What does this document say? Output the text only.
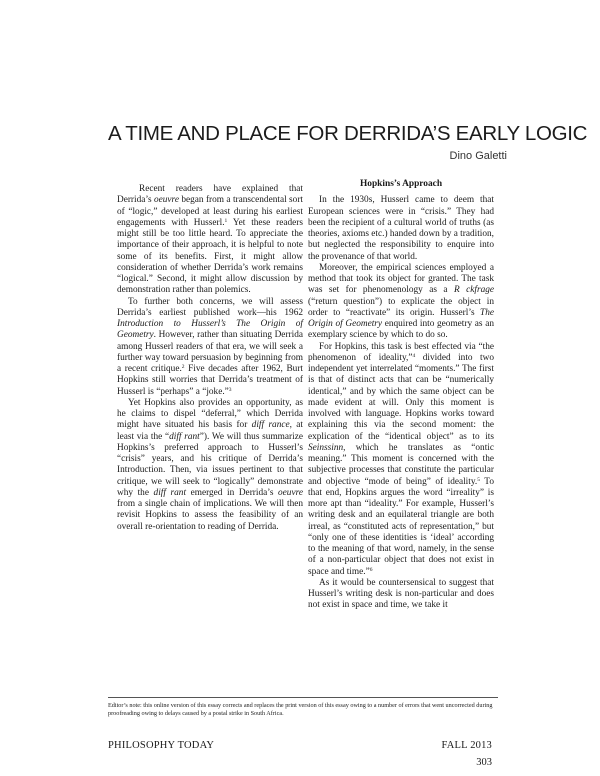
A TIME AND PLACE FOR DERRIDA’S EARLY LOGIC
Dino Galetti

Recent readers have explained that Derrida’s oeuvre began from a transcendental sort of “logic,” developed at least during his earliest engagements with Husserl.$^1$ Yet these readers might still be too little heard. To appreciate the importance of their approach, it is helpful to note some of its benefits. First, it might allow consideration of whether Derrida’s work remains “logical.” Second, it might allow discussion by demonstration rather than polemics.

To further both concerns, we will assess Derrida’s earliest published work—his 1962 Introduction to Husserl’s The Origin of Geometry. However, rather than situating Derrida among Husserl readers of that era, we will seek a further way toward persuasion by beginning from a recent critique.$^2$ Five decades after 1962, Burt Hopkins still worries that Derrida’s treatment of Husserl is “perhaps” a “joke.”$^3$

Yet Hopkins also provides an opportunity, as he claims to dispel “deferral,” which Derrida might have situated his basis for diff rance, at least via the “diff rant”). We will thus summarize Hopkins’s preferred approach to Husserl’s “crisis” years, and his critique of Derrida’s Introduction. Then, via issues pertinent to that critique, we will seek to “logically” demonstrate why the diff rant emerged in Derrida’s oeuvre from a single chain of implications. We will then revisit Hopkins to assess the feasibility of an overall re-orientation to reading of Derrida.

Hopkins’s Approach

In the 1930s, Husserl came to deem that European sciences were in “crisis.” They had been the recipient of a cultural world of truths (as theories, axioms etc.) handed down by a tradition, but neglected the responsibility to enquire into the provenance of that world.

Moreover, the empirical sciences employed a method that took its object for granted. The task was set for phenomenology as a R ckfrage (“return question”) to explicate the object in order to “reactivate” its origin. Husserl’s The Origin of Geometry enquired into geometry as an exemplary science by which to do so.

For Hopkins, this task is best effected via “the phenomenon of ideality,”$^4$ divided into two independent yet interrelated “moments.” The first is that of distinct acts that can be “numerically identical,” and by which the same object can be made evident at will. Only this moment is involved with language. Hopkins works toward explaining this via the second moment: the explication of the “identical object” as to its Seinssinn, which he translates as “ontic meaning.” This moment is concerned with the subjective processes that constitute the particular and objective “mode of being” of ideality.$^5$ To that end, Hopkins argues the word “irreality” is more apt than “ideality.” For example, Husserl’s writing desk and an equilateral triangle are both irreal, as “constituted acts of representation,” but “only one of these identities is ‘ideal’ according to the meaning of that word, namely, in the sense of a non-particular object that does not exist in space and time.”$^6$

As it would be countersensical to suggest that Husserl’s writing desk is non-particular and does not exist in space and time, we take it

Editor’s note: this online version of this essay corrects and replaces the print version of this essay owing to a number of errors that went uncorrected during proofreading owing to delays caused by a postal strike in South Africa.
PHILOSOPHY TODAY	FALL 2013
303
